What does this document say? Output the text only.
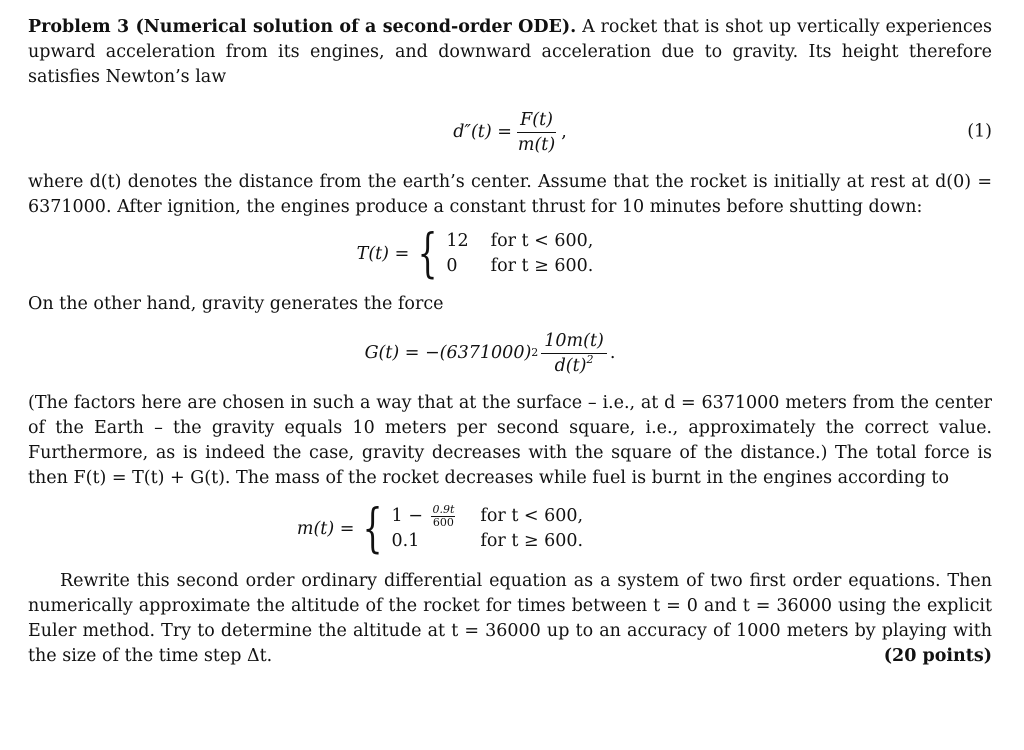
Problem 3 (Numerical solution of a second-order ODE). A rocket that is shot up vertically experiences upward acceleration from its engines, and downward acceleration due to gravity. Its height therefore satisfies Newton’s law

$d''(t) = \frac{F(t)}{m(t)}$ ,	(1)

where d(t) denotes the distance from the earth’s center. Assume that the rocket is initially at rest at d(0) = 6371000. After ignition, the engines produce a constant thrust for 10 minutes before shutting down:

T(t) = { 12 for t < 600,
0	for t ≥ 600.

On the other hand, gravity generates the force

G(t) = −(6371000) $2 \frac{10m(t)}{d(t)^2}$ .

(The factors here are chosen in such a way that at the surface – i.e., at d = 6371000 meters from the center of the Earth – the gravity equals 10 meters per second square, i.e., approximately the correct value. Furthermore, as is indeed the case, gravity decreases with the square of the distance.) The total force is then F(t) = T(t) + G(t). The mass of the rocket decreases while fuel is burnt in the engines according to

m(t) = { $1 - \frac{0.9t}{600}$ for t < 600,
0.1	for t ≥ 600.

Rewrite this second order ordinary differential equation as a system of two first order equations. Then numerically approximate the altitude of the rocket for times between t = 0 and t = 36000 using the explicit Euler method. Try to determine the altitude at t = 36000 up to an accuracy of 1000 meters by playing with the size of the time step Δt.	(20 points)
